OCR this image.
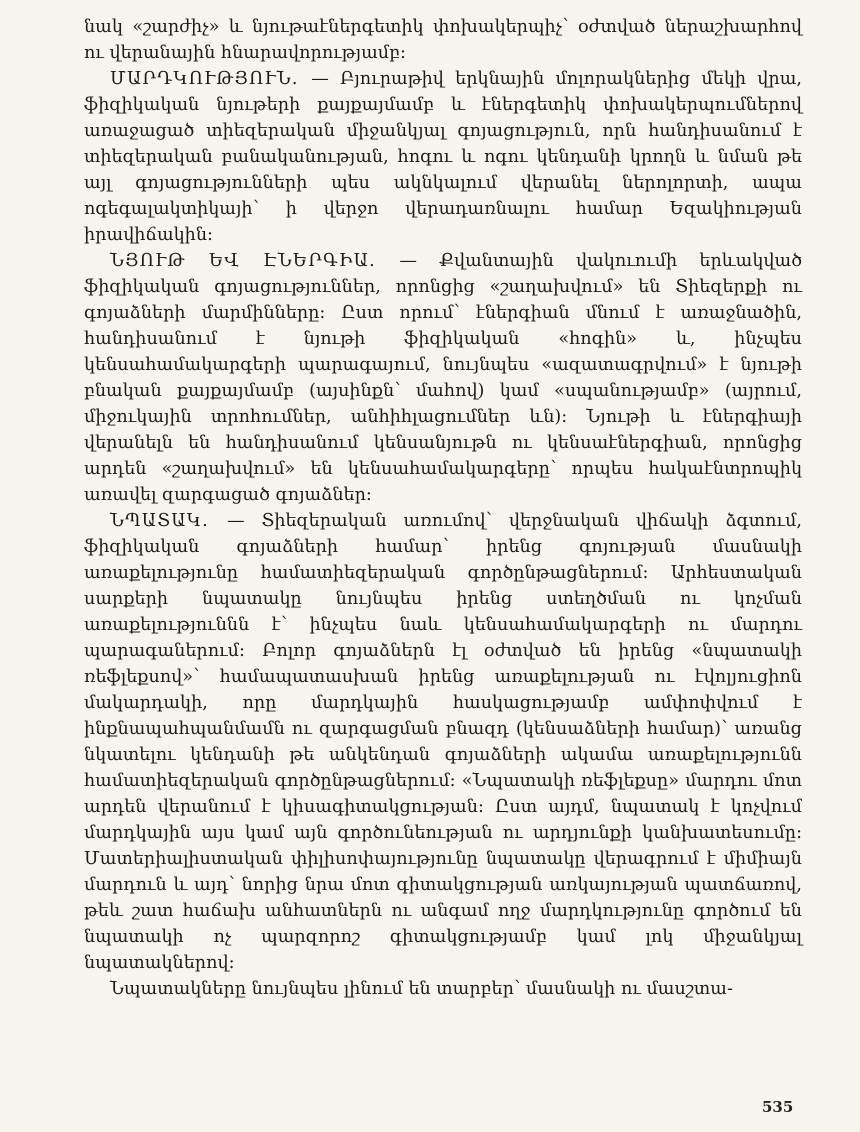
նակ «շարժիչ» և նյութաէներգետիկ փոխակերպիչ՝ օժտված ներաշխարհով ու վերանային հնարավորությամբ:

ՄԱՐԴԿՈՒԹՅՈՒՆ. — Բյուրաթիվ երկնային մոլորակներից մեկի վրա, ֆիզիկական նյութերի քայքայմամբ և էներգետիկ փոխակերպումներով առաջացած տիեզերական միջանկյալ գոյացություն, որն հանդիսանում է տիեզերական բանականության, հոգու և ոգու կենդանի կրողն և նման թե այլ գոյացությունների պես ակնկալում վերանել ներոլորտի, ապա ոգեգալակտիկայի՝ ի վերջո վերադառնալու համար Եզակիության իրավիճակին:

ՆՅՈՒԹ ԵՎ ԷՆԵՐԳԻԱ. — Քվանտային վակուումի երևակված ֆիզիկական գոյացություններ, որոնցից «շաղախվում» են Տիեզերքի ու գոյաձների մարմինները: Ըստ որում՝ էներգիան մնում է առաջնածին, հանդիսանում է նյութի ֆիզիկական «հոգին» և, ինչպես կենսահամակարգերի պարագայում, նույնպես «ազատագրվում» է նյութի բնական քայքայմամբ (այսինքն՝ մահով) կամ «սպանությամբ» (այրում, միջուկային տրոհումներ, անհիհլացումներ ևն): Նյութի և էներգիայի վերանելն են հանդիսանում կենսանյութն ու կենսաէներգիան, որոնցից արդեն «շաղախվում» են կենսահամակարգերը՝ որպես հակաէնտրոպիկ առավել զարգացած գոյաձներ:

ՆՊԱՏԱԿ. — Տիեզերական առումով՝ վերջնական վիճակի ձգտում, ֆիզիկական գոյաձների համար՝ իրենց գոյության մասնակի առաքելությունը համատիեզերական գործընթացներում: Արհեստական սարքերի նպատակը նույնպես իրենց ստեղծման ու կոչման առաքելություննն է՝ ինչպես նաև կենսահամակարգերի ու մարդու պարագաներում: Բոլոր գոյաձներն էլ օժտված են իրենց «նպատակի ռեֆլեքսով»՝ համապատասխան իրենց առաքելության ու էվոլյուցիոն մակարդակի, որը մարդկային հասկացությամբ ամփոփվում է ինքնապահպանմամն ու զարգացման բնազդ (կենսաձների համար)՝ առանց նկատելու կենդանի թե անկենդան գոյաձների ակամա առաքելությունն համատիեզերական գործընթացներում: «Նպատակի ռեֆլեքսը» մարդու մոտ արդեն վերանում է կիսագիտակցության: Ըստ այդմ, նպատակ է կոչվում մարդկային այս կամ այն գործունեության ու արդյունքի կանխատեսումը: Մատերիալիստական փիլիսոփայությունը նպատակը վերագրում է միմիայն մարդուն և այդ՝ նորից նրա մոտ գիտակցության առկայության պատճառով, թեև շատ հաճախ անհատներն ու անգամ ողջ մարդկությունը գործում են նպատակի ոչ պարզորոշ գիտակցությամբ կամ լոկ միջանկյալ նպատակներով:

Նպատակները նույնպես լինում են տարբեր՝ մասնակի ու մասշտա-

535
